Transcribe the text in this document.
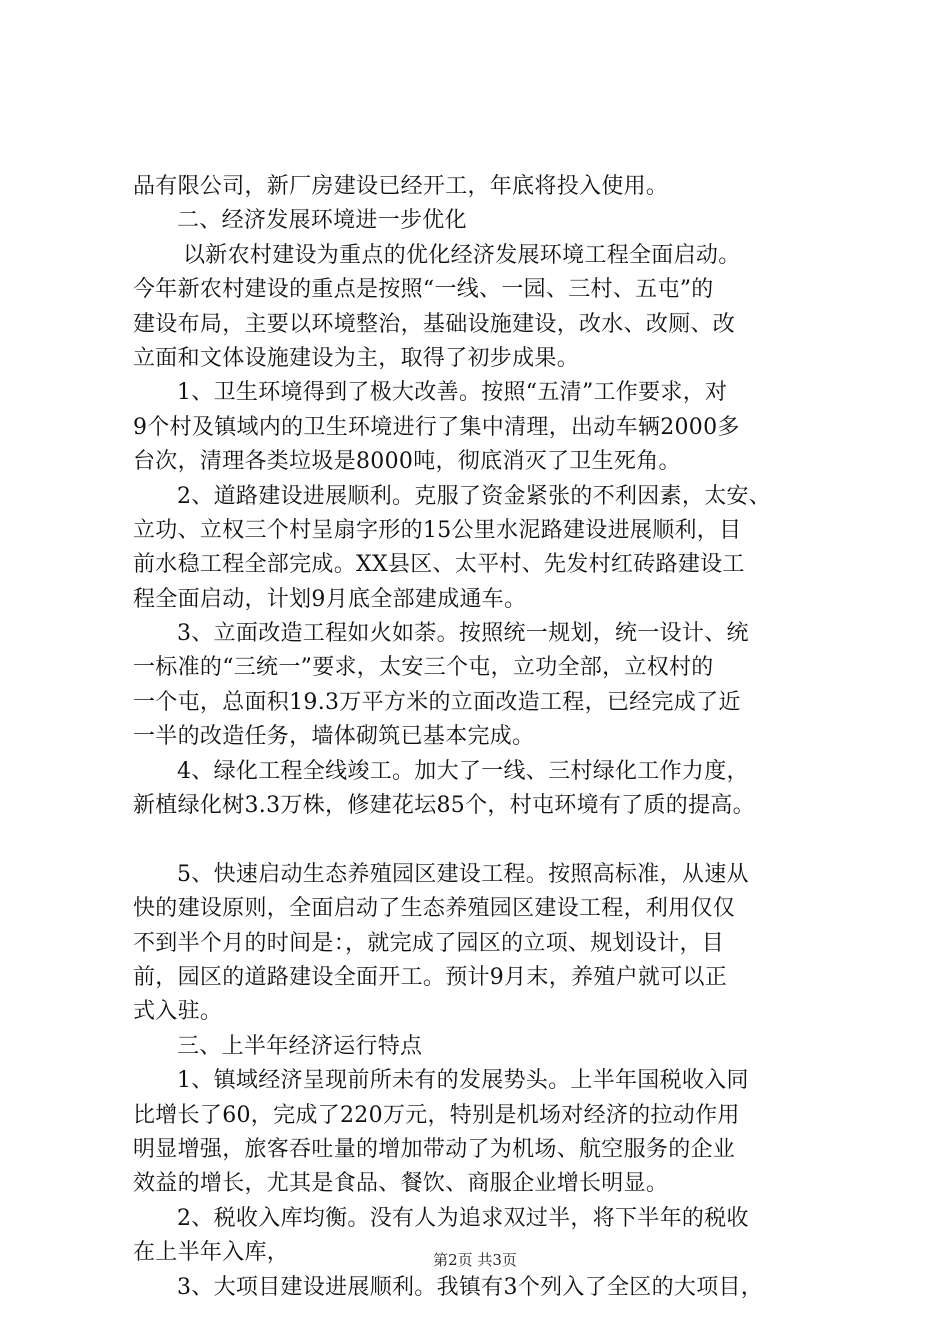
品有限公司，新厂房建设已经开工，年底将投入使用。
二、经济发展环境进一步优化
以新农村建设为重点的优化经济发展环境工程全面启动。
今年新农村建设的重点是按照“一线、一园、三村、五屯”的
建设布局，主要以环境整治，基础设施建设，改水、改厕、改
立面和文体设施建设为主，取得了初步成果。
1、卫生环境得到了极大改善。按照“五清”工作要求，对
9个村及镇域内的卫生环境进行了集中清理，出动车辆2000多
台次，清理各类垃圾是8000吨，彻底消灭了卫生死角。
2、道路建设进展顺利。克服了资金紧张的不利因素，太安、
立功、立权三个村呈扇字形的15公里水泥路建设进展顺利，目
前水稳工程全部完成。XX县区、太平村、先发村红砖路建设工
程全面启动，计划9月底全部建成通车。
3、立面改造工程如火如荼。按照统一规划，统一设计、统
一标准的“三统一”要求，太安三个屯，立功全部，立权村的
一个屯，总面积19.3万平方米的立面改造工程，已经完成了近
一半的改造任务，墙体砌筑已基本完成。
4、绿化工程全线竣工。加大了一线、三村绿化工作力度，
新植绿化树3.3万株，修建花坛85个，村屯环境有了质的提高。
5、快速启动生态养殖园区建设工程。按照高标准，从速从
快的建设原则，全面启动了生态养殖园区建设工程，利用仅仅
不到半个月的时间是：，就完成了园区的立项、规划设计，目
前，园区的道路建设全面开工。预计9月末，养殖户就可以正
式入驻。
三、上半年经济运行特点
1、镇域经济呈现前所未有的发展势头。上半年国税收入同
比增长了60，完成了220万元，特别是机场对经济的拉动作用
明显增强，旅客吞吐量的增加带动了为机场、航空服务的企业
效益的增长，尤其是食品、餐饮、商服企业增长明显。
2、税收入库均衡。没有人为追求双过半，将下半年的税收
在上半年入库，
3、大项目建设进展顺利。我镇有3个列入了全区的大项目，
第2页 共3页
